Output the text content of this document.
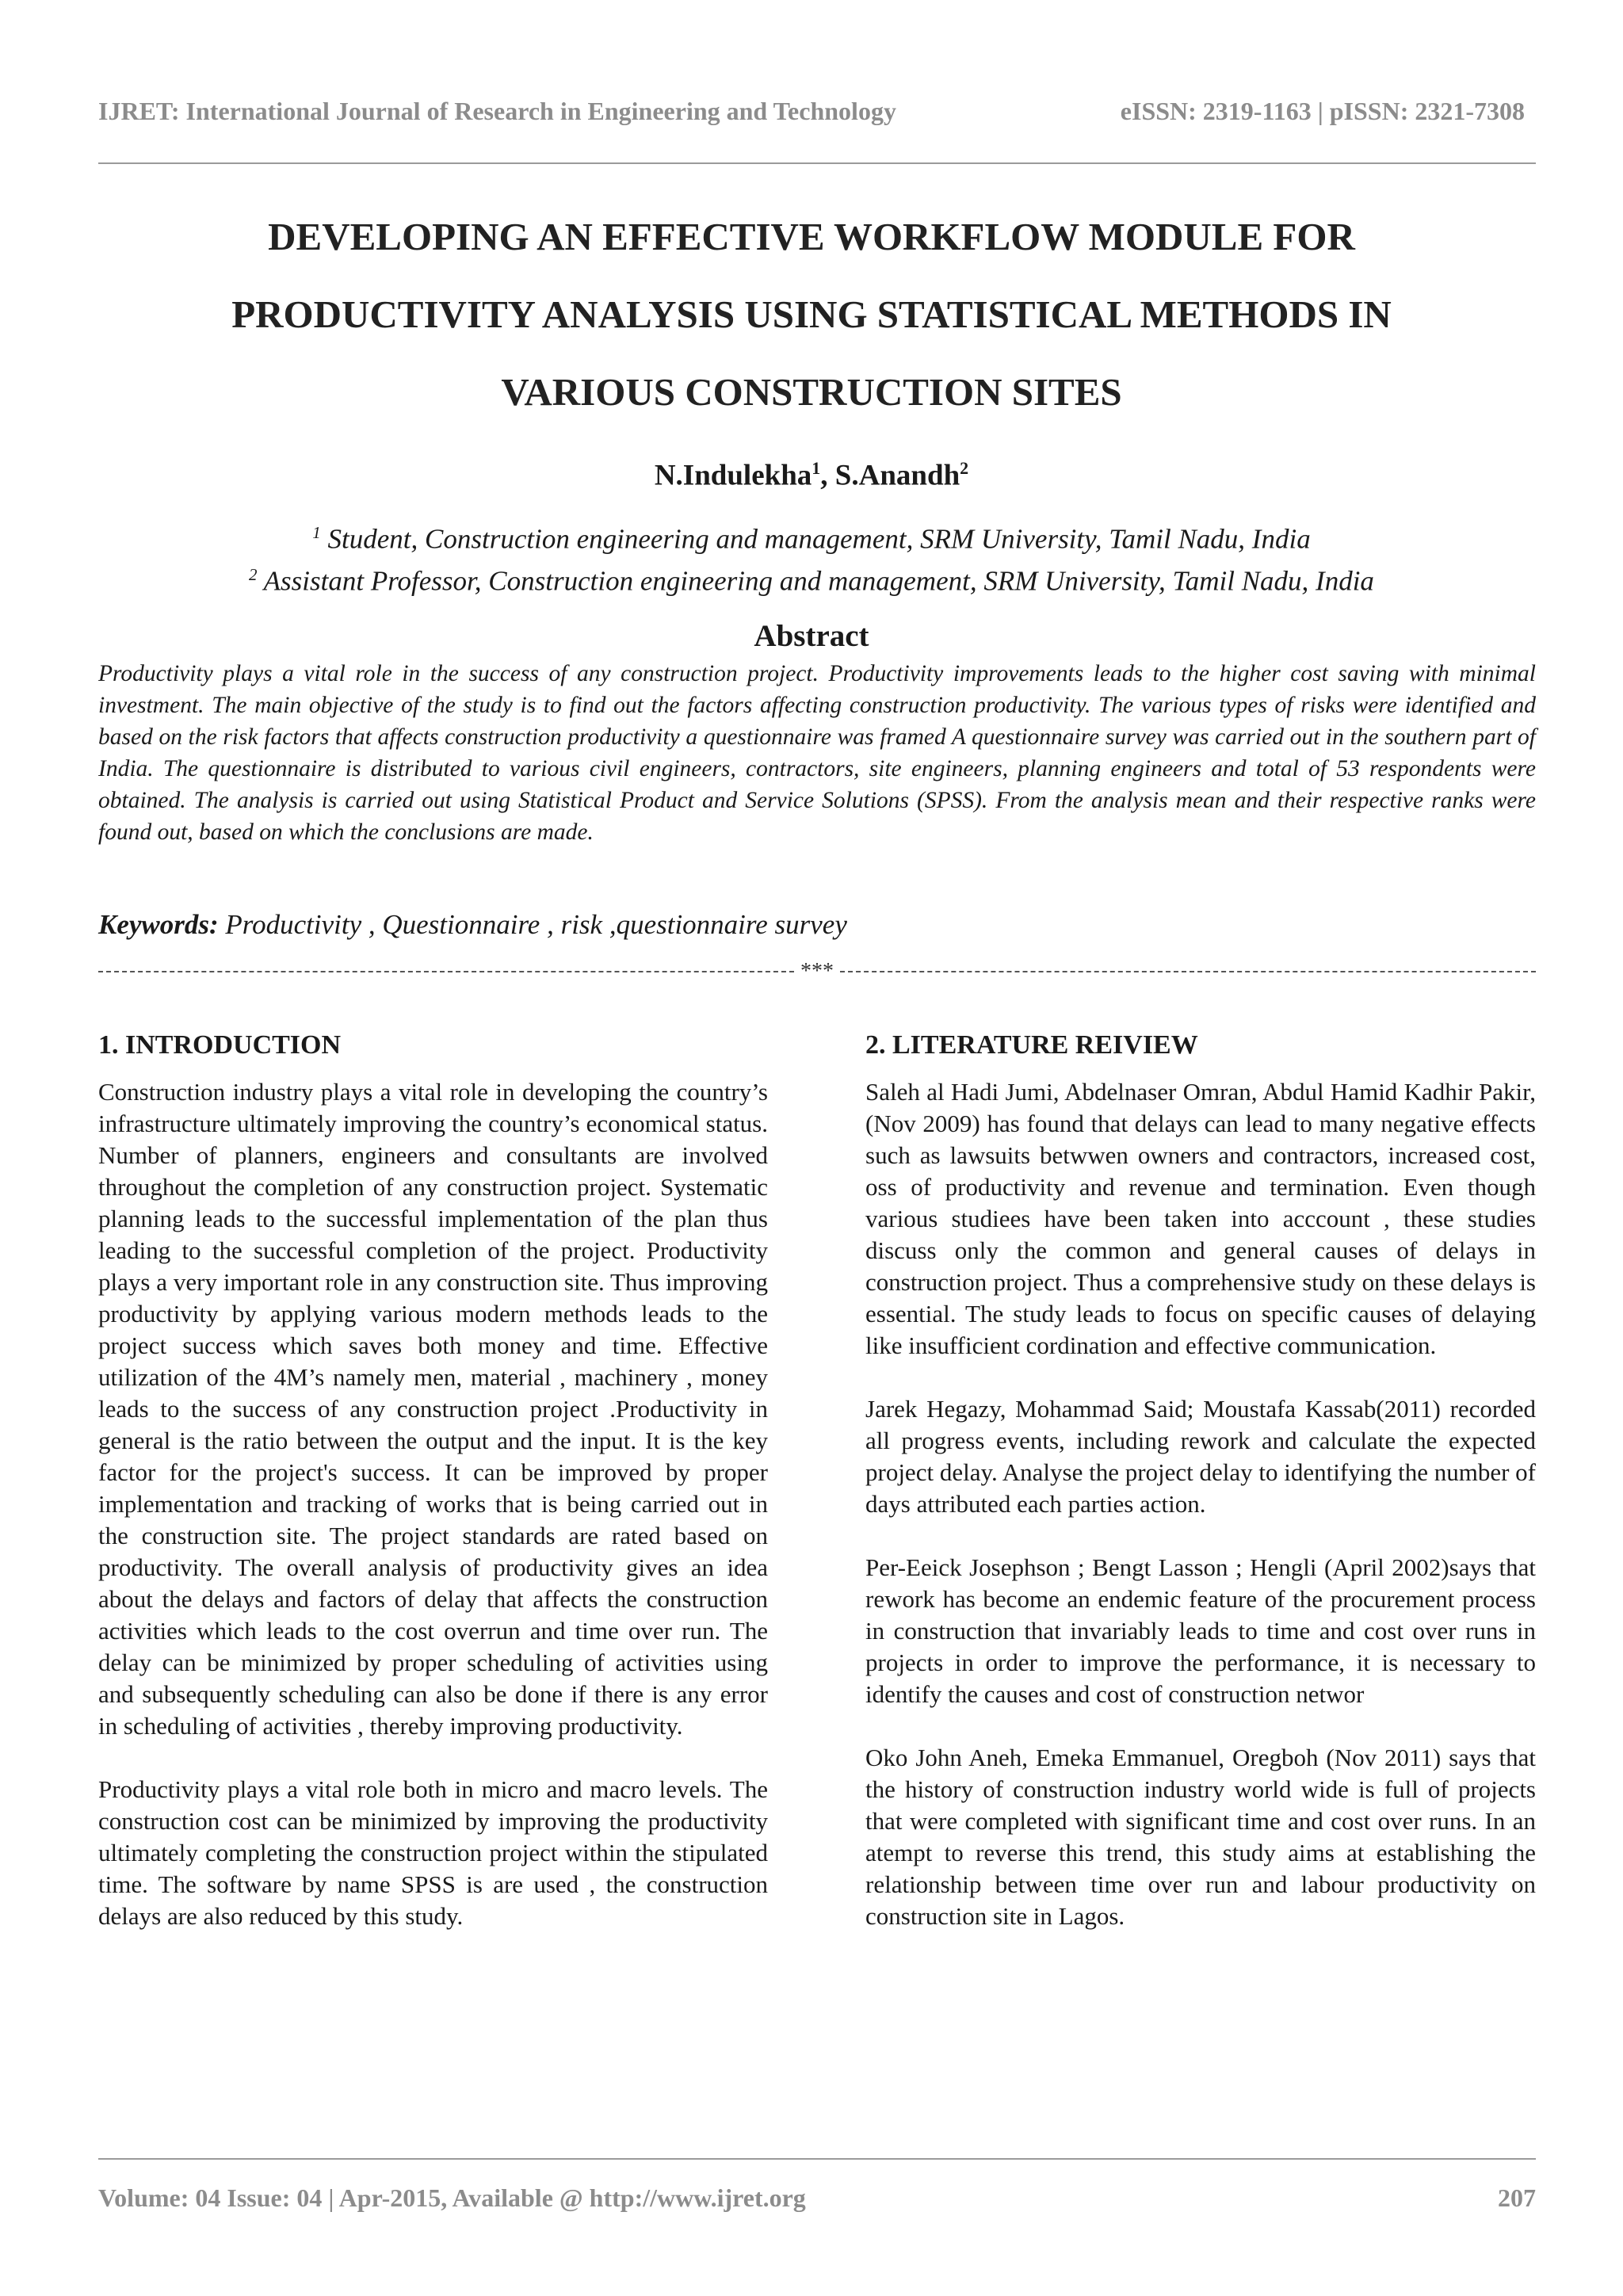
IJRET: International Journal of Research in Engineering and Technology	eISSN: 2319-1163 | pISSN: 2321-7308
DEVELOPING AN EFFECTIVE WORKFLOW MODULE FOR
PRODUCTIVITY ANALYSIS USING STATISTICAL METHODS IN
VARIOUS CONSTRUCTION SITES
N.Indulekha$^1$, S.Anandh$^2$
$^1$ Student, Construction engineering and management, SRM University, Tamil Nadu, India
$^2$ Assistant Professor, Construction engineering and management, SRM University, Tamil Nadu, India
Abstract
Productivity plays a vital role in the success of any construction project. Productivity improvements leads to the higher cost saving with minimal investment. The main objective of the study is to find out the factors affecting construction productivity. The various types of risks were identified and based on the risk factors that affects construction productivity a questionnaire was framed A questionnaire survey was carried out in the southern part of India. The questionnaire is distributed to various civil engineers, contractors, site engineers, planning engineers and total of 53 respondents were obtained. The analysis is carried out using Statistical Product and Service Solutions (SPSS). From the analysis mean and their respective ranks were found out, based on which the conclusions are made.
Keywords: Productivity , Questionnaire , risk ,questionnaire survey
***
1. INTRODUCTION

Construction industry plays a vital role in developing the country’s infrastructure ultimately improving the country’s economical status. Number of planners, engineers and consultants are involved throughout the completion of any construction project. Systematic planning leads to the successful implementation of the plan thus leading to the successful completion of the project. Productivity plays a very important role in any construction site. Thus improving productivity by applying various modern methods leads to the project success which saves both money and time. Effective utilization of the 4M’s namely men, material , machinery , money leads to the success of any construction project .Productivity in general is the ratio between the output and the input. It is the key factor for the project's success. It can be improved by proper implementation and tracking of works that is being carried out in the construction site. The project standards are rated based on productivity. The overall analysis of productivity gives an idea about the delays and factors of delay that affects the construction activities which leads to the cost overrun and time over run. The delay can be minimized by proper scheduling of activities using and subsequently scheduling can also be done if there is any error in scheduling of activities , thereby improving productivity.

Productivity plays a vital role both in micro and macro levels. The construction cost can be minimized by improving the productivity ultimately completing the construction project within the stipulated time. The software by name SPSS is are used , the construction delays are also reduced by this study.

2. LITERATURE REIVIEW

Saleh al Hadi Jumi, Abdelnaser Omran, Abdul Hamid Kadhir Pakir, (Nov 2009) has found that delays can lead to many negative effects such as lawsuits betwwen owners and contractors, increased cost, oss of productivity and revenue and termination. Even though various studiees have been taken into acccount , these studies discuss only the common and general causes of delays in construction project. Thus a comprehensive study on these delays is essential. The study leads to focus on specific causes of delaying like insufficient cordination and effective communication.

Jarek Hegazy, Mohammad Said; Moustafa Kassab(2011) recorded all progress events, including rework and calculate the expected project delay. Analyse the project delay to identifying the number of days attributed each parties action.

Per-Eeick Josephson ; Bengt Lasson ; Hengli (April 2002)says that rework has become an endemic feature of the procurement process in construction that invariably leads to time and cost over runs in projects in order to improve the performance, it is necessary to identify the causes and cost of construction networ

Oko John Aneh, Emeka Emmanuel, Oregboh (Nov 2011) says that the history of construction industry world wide is full of projects that were completed with significant time and cost over runs. In an atempt to reverse this trend, this study aims at establishing the relationship between time over run and labour productivity on construction site in Lagos.

Volume: 04 Issue: 04 | Apr-2015, Available @ http://www.ijret.org	207
